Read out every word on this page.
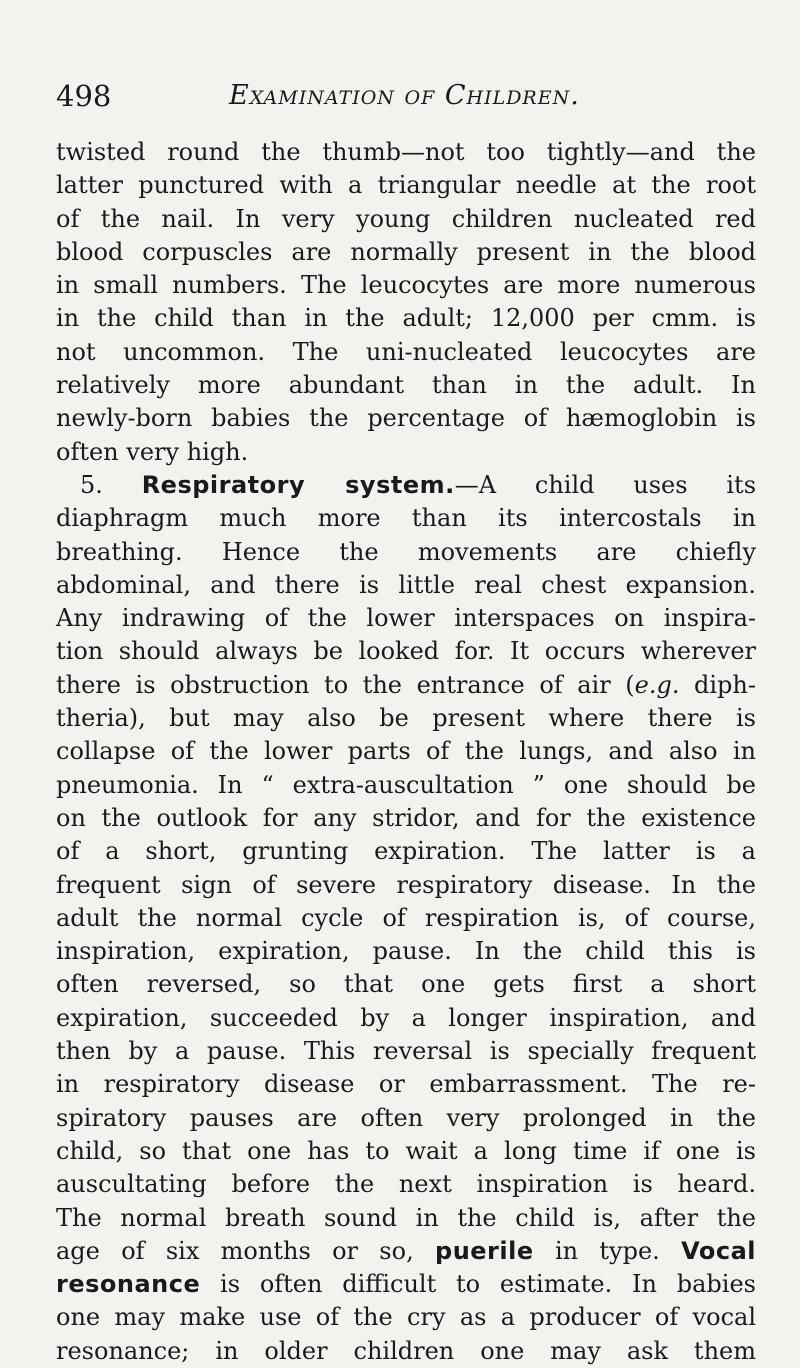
498	Examination of Children.
twisted round the thumb—not too tightly—and the
latter punctured with a triangular needle at the root
of the nail. In very young children nucleated red
blood corpuscles are normally present in the blood
in small numbers. The leucocytes are more numerous
in the child than in the adult; 12,000 per cmm. is
not uncommon. The uni-nucleated leucocytes are
relatively more abundant than in the adult. In
newly-born babies the percentage of hæmoglobin is
often very high.
5. Respiratory system.—A child uses its
diaphragm much more than its intercostals in
breathing. Hence the movements are chiefly
abdominal, and there is little real chest expansion.
Any indrawing of the lower interspaces on inspira-
tion should always be looked for. It occurs wherever
there is obstruction to the entrance of air (e.g. diph-
theria), but may also be present where there is
collapse of the lower parts of the lungs, and also in
pneumonia. In “ extra-auscultation ” one should be
on the outlook for any stridor, and for the existence
of a short, grunting expiration. The latter is a
frequent sign of severe respiratory disease. In the
adult the normal cycle of respiration is, of course,
inspiration, expiration, pause. In the child this is
often reversed, so that one gets first a short
expiration, succeeded by a longer inspiration, and
then by a pause. This reversal is specially frequent
in respiratory disease or embarrassment. The re-
spiratory pauses are often very prolonged in the
child, so that one has to wait a long time if one is
auscultating before the next inspiration is heard.
The normal breath sound in the child is, after the
age of six months or so, puerile in type. Vocal
resonance is often difficult to estimate. In babies
one may make use of the cry as a producer of vocal
resonance; in older children one may ask them
